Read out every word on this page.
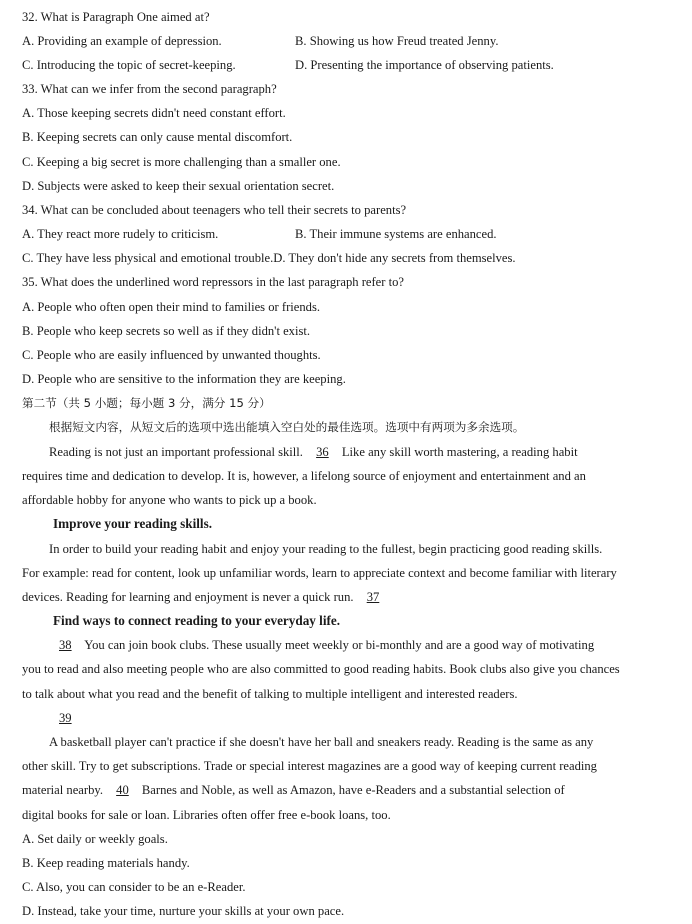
32. What is Paragraph One aimed at?
A. Providing an example of depression.	B. Showing us how Freud treated Jenny.
C. Introducing the topic of secret-keeping.	D. Presenting the importance of observing patients.
33. What can we infer from the second paragraph?
A. Those keeping secrets didn't need constant effort.
B. Keeping secrets can only cause mental discomfort.
C. Keeping a big secret is more challenging than a smaller one.
D. Subjects were asked to keep their sexual orientation secret.
34. What can be concluded about teenagers who tell their secrets to parents?
A. They react more rudely to criticism.	B. Their immune systems are enhanced.
C. They have less physical and emotional trouble.D. They don't hide any secrets from themselves.
35. What does the underlined word repressors in the last paragraph refer to?
A. People who often open their mind to families or friends.
B. People who keep secrets so well as if they didn't exist.
C. People who are easily influenced by unwanted thoughts.
D. People who are sensitive to the information they are keeping.
第二节（共 5 小题；每小题 3 分，满分 15 分）
根据短文内容，从短文后的选项中选出能填入空白处的最佳选项。选项中有两项为多余选项。
Reading is not just an important professional skill. 36 Like any skill worth mastering, a reading habit
requires time and dedication to develop. It is, however, a lifelong source of enjoyment and entertainment and an
affordable hobby for anyone who wants to pick up a book.
Improve your reading skills.
In order to build your reading habit and enjoy your reading to the fullest, begin practicing good reading skills.
For example: read for content, look up unfamiliar words, learn to appreciate context and become familiar with literary
devices. Reading for learning and enjoyment is never a quick run. 37
Find ways to connect reading to your everyday life.
38 You can join book clubs. These usually meet weekly or bi-monthly and are a good way of motivating
you to read and also meeting people who are also committed to good reading habits. Book clubs also give you chances
to talk about what you read and the benefit of talking to multiple intelligent and interested readers.
39
A basketball player can't practice if she doesn't have her ball and sneakers ready. Reading is the same as any
other skill. Try to get subscriptions. Trade or special interest magazines are a good way of keeping current reading
material nearby. 40 Barnes and Noble, as well as Amazon, have e-Readers and a substantial selection of
digital books for sale or loan. Libraries often offer free e-book loans, too.
A. Set daily or weekly goals.
B. Keep reading materials handy.
C. Also, you can consider to be an e-Reader.
D. Instead, take your time, nurture your skills at your own pace.
